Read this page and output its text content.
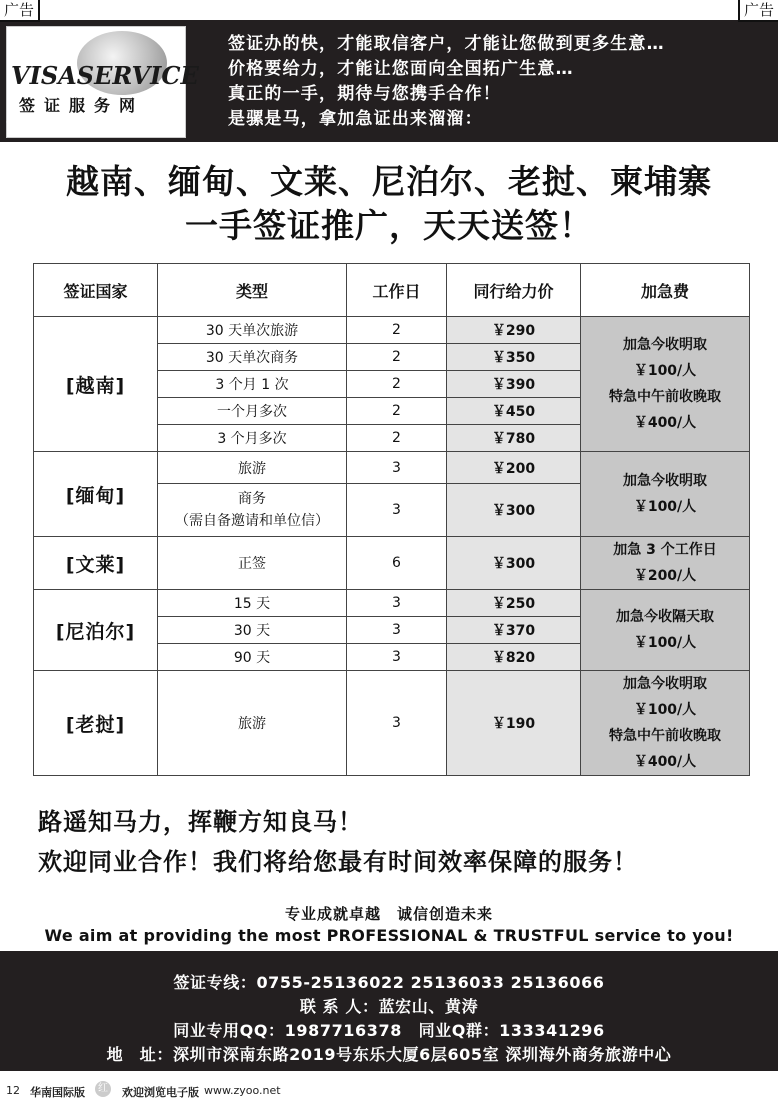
广告	广告
VISASERVICE
签证服务网
www.visa8888.com
签证办的快，才能取信客户，才能让您做到更多生意…
价格要给力，才能让您面向全国拓广生意…
真正的一手，期待与您携手合作！
是骡是马，拿加急证出来溜溜：
越南、缅甸、文莱、尼泊尔、老挝、柬埔寨
一手签证推广，天天送签！
签证国家	类型	工作日	同行给力价	加急费
[越南]	30 天单次旅游	2	￥290	加急今收明取
￥100/人
特急中午前收晚取
￥400/人

	30 天单次商务	2	￥350	
	3 个月 1 次	2	￥390	
	一个月多次	2	￥450	
	3 个月多次	2	￥780	
[缅甸]	旅游	3	￥200	加急今收明取
￥100/人

	商务
（需自备邀请和单位信）	3	￥300	
[文莱]	正签	6	￥300	加急 3 个工作日
￥200/人

[尼泊尔]	15 天	3	￥250	加急今收隔天取
￥100/人

	30 天	3	￥370	
	90 天	3	￥820	
[老挝]	旅游	3	￥190	加急今收明取
￥100/人
特急中午前收晚取
￥400/人
路遥知马力，挥鞭方知良马！
欢迎同业合作！我们将给您最有时间效率保障的服务！
专业成就卓越　诚信创造未来
We aim at providing the most PROFESSIONAL & TRUSTFUL service to you!
签证专线：0755-25136022 25136033 25136066
联 系 人：蓝宏山、黄涛
同业专用QQ：1987716378　同业Q群：133341296
地　址：深圳市深南东路2019号东乐大厦6层605室 深圳海外商务旅游中心
12 华南国际版	欢迎浏览电子版 www.zyoo.net
红
